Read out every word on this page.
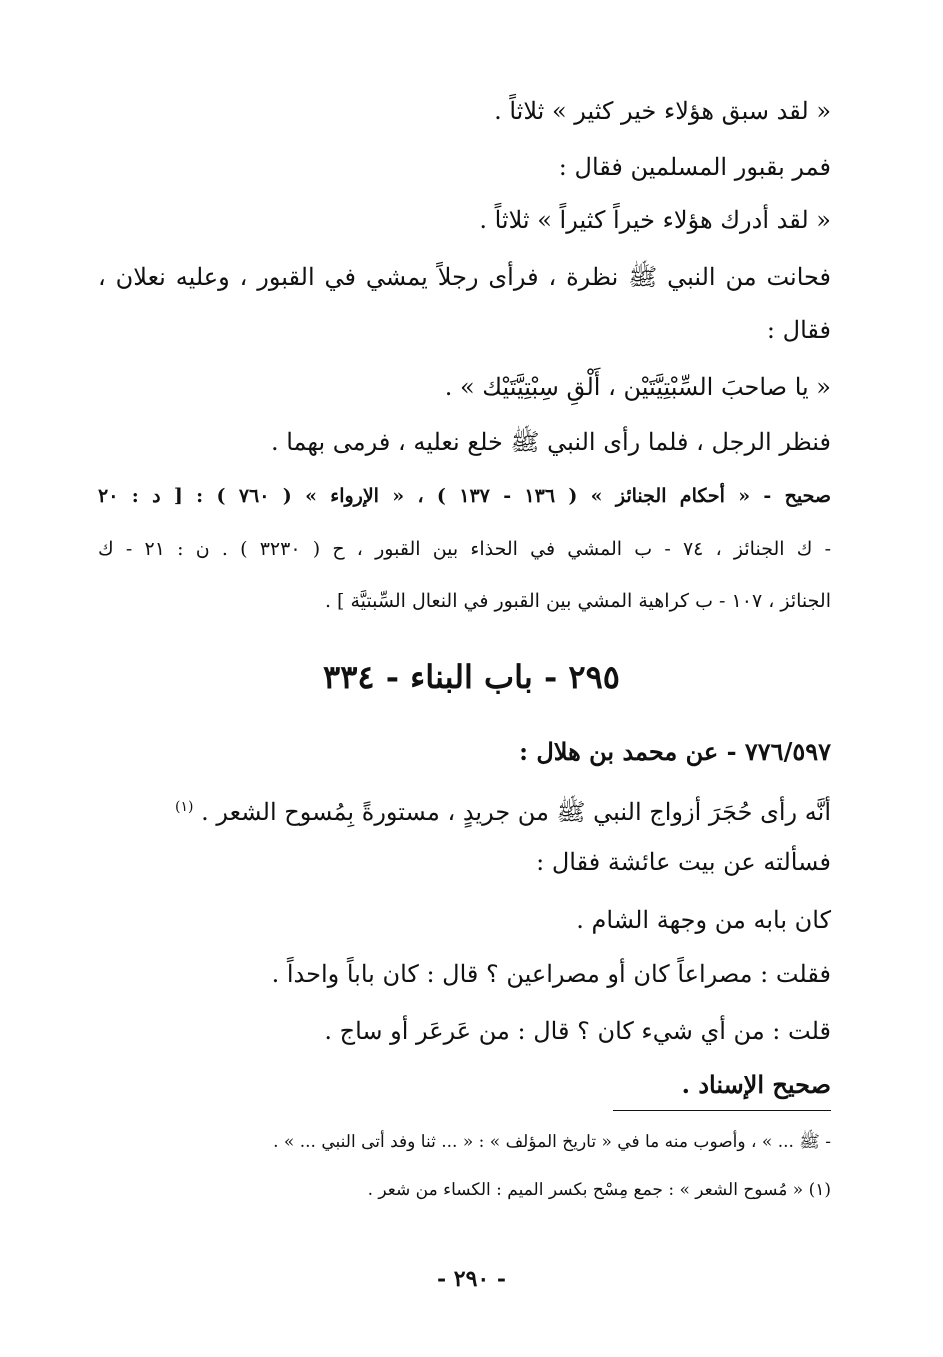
« لقد سبق هؤلاء خير كثير » ثلاثاً .
فمر بقبور المسلمين فقال :
« لقد أدرك هؤلاء خيراً كثيراً » ثلاثاً .
فحانت من النبي ﷺ نظرة ، فرأى رجلاً يمشي في القبور ، وعليه نعلان ،
فقال :
« يا صاحبَ السِّبْتِيَّتَيْن ، أَلْقِ سِبْتِيَّتَيْك » .
فنظر الرجل ، فلما رأى النبي ﷺ خلع نعليه ، فرمى بهما .
صحيح - « أحكام الجنائز » ( ١٣٦ - ١٣٧ ) ، « الإرواء » ( ٧٦٠ ) : [ د : ٢٠
- ك الجنائز ، ٧٤ - ب المشي في الحذاء بين القبور ، ح ( ٣٢٣٠ ) . ن : ٢١ - ك
الجنائز ، ١٠٧ - ب كراهية المشي بين القبور في النعال السِّبتيَّة ] .
٢٩٥ - باب البناء - ٣٣٤
٧٧٦/٥٩٧ - عن محمد بن هلال :
أنَّه رأى حُجَرَ أزواج النبي ﷺ من جريدٍ ، مستورةً بِمُسوح الشعر . $^{(١)}$
فسألته عن بيت عائشة فقال :
كان بابه من وجهة الشام .
فقلت : مصراعاً كان أو مصراعين ؟ قال : كان باباً واحداً .
قلت : من أي شيء كان ؟ قال : من عَرعَر أو ساج .
صحيح الإسناد .
- ﷺ ... » ، وأصوب منه ما في « تاريخ المؤلف » : « ... ثنا وفد أتى النبي ... » .
(١) « مُسوح الشعر » : جمع مِسْح بكسر الميم : الكساء من شعر .
- ٢٩٠ -
